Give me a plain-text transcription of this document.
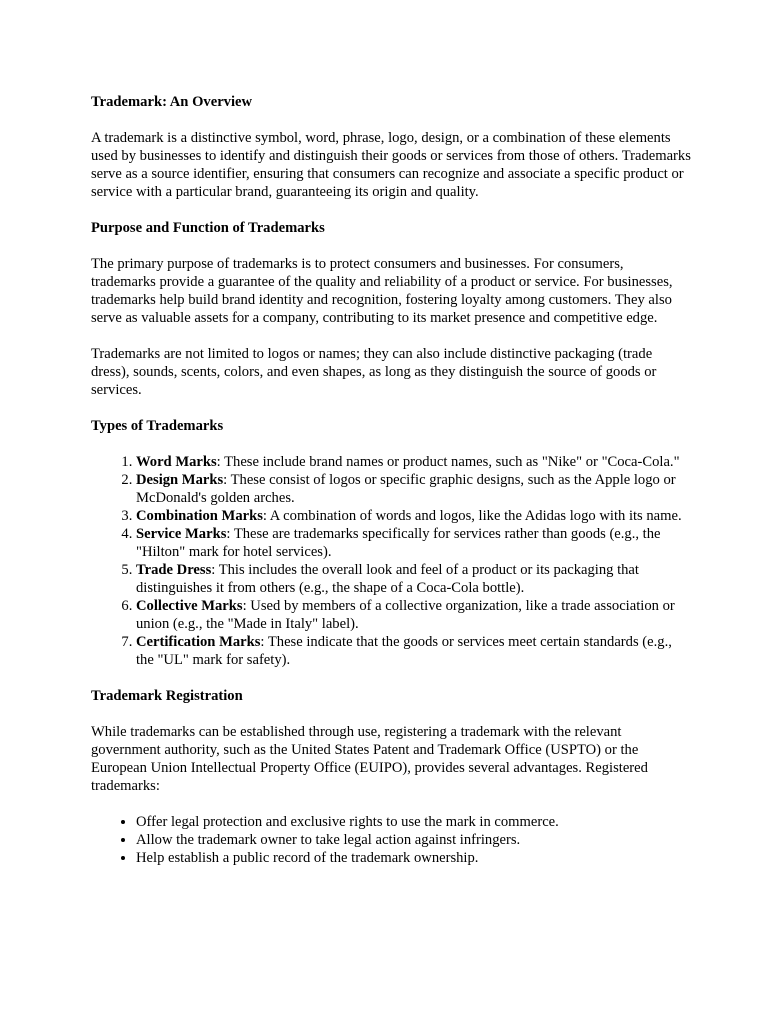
Trademark: An Overview

A trademark is a distinctive symbol, word, phrase, logo, design, or a combination of these elements used by businesses to identify and distinguish their goods or services from those of others. Trademarks serve as a source identifier, ensuring that consumers can recognize and associate a specific product or service with a particular brand, guaranteeing its origin and quality.

Purpose and Function of Trademarks

The primary purpose of trademarks is to protect consumers and businesses. For consumers, trademarks provide a guarantee of the quality and reliability of a product or service. For businesses, trademarks help build brand identity and recognition, fostering loyalty among customers. They also serve as valuable assets for a company, contributing to its market presence and competitive edge.

Trademarks are not limited to logos or names; they can also include distinctive packaging (trade dress), sounds, scents, colors, and even shapes, as long as they distinguish the source of goods or services.

Types of Trademarks
1. Word Marks: These include brand names or product names, such as "Nike" or "Coca-Cola."
2. Design Marks: These consist of logos or specific graphic designs, such as the Apple logo or McDonald's golden arches.
3. Combination Marks: A combination of words and logos, like the Adidas logo with its name.
4. Service Marks: These are trademarks specifically for services rather than goods (e.g., the "Hilton" mark for hotel services).
5. Trade Dress: This includes the overall look and feel of a product or its packaging that distinguishes it from others (e.g., the shape of a Coca-Cola bottle).
6. Collective Marks: Used by members of a collective organization, like a trade association or union (e.g., the "Made in Italy" label).
7. Certification Marks: These indicate that the goods or services meet certain standards (e.g., the "UL" mark for safety).
Trademark Registration

While trademarks can be established through use, registering a trademark with the relevant government authority, such as the United States Patent and Trademark Office (USPTO) or the European Union Intellectual Property Office (EUIPO), provides several advantages. Registered trademarks:

• Offer legal protection and exclusive rights to use the mark in commerce.
• Allow the trademark owner to take legal action against infringers.
• Help establish a public record of the trademark ownership.
